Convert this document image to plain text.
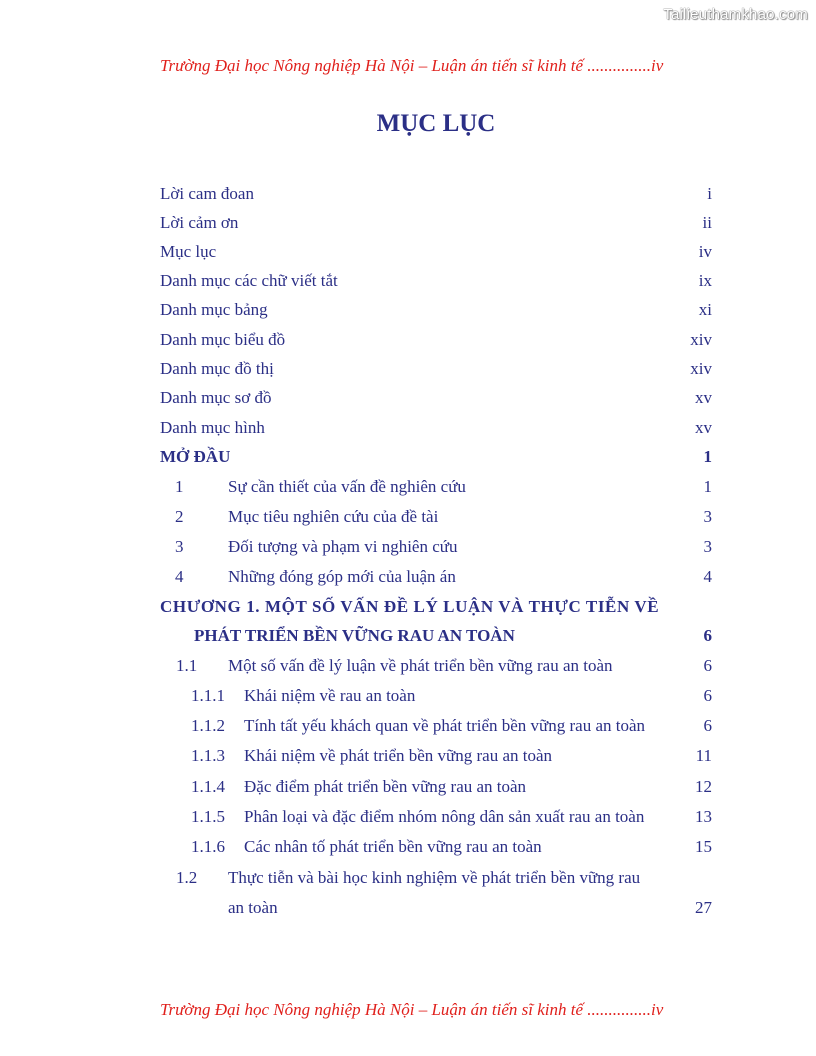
Tailieuthamkhao.com
Trường Đại học Nông nghiệp Hà Nội – Luận án tiến sĩ kinh tế ...............iv
MỤC LỤC
Lời cam đoan	i
Lời cảm ơn	ii
Mục lục	iv
Danh mục các chữ viết tắt	ix
Danh mục bảng	xi
Danh mục biểu đồ	xiv
Danh mục đồ thị	xiv
Danh mục sơ đồ	xv
Danh mục hình	xv
MỞ ĐẦU	1
1	Sự cần thiết của vấn đề nghiên cứu	1
2	Mục tiêu nghiên cứu của đề tài	3
3	Đối tượng và phạm vi nghiên cứu	3
4	Những đóng góp mới của luận án	4
CHƯƠNG 1. MỘT SỐ VẤN ĐỀ LÝ LUẬN VÀ THỰC TIỄN VỀ
PHÁT TRIỂN BỀN VỮNG RAU AN TOÀN	6
1.1 Một số vấn đề lý luận về phát triển bền vững rau an toàn	6
1.1.1 Khái niệm về rau an toàn	6
1.1.2 Tính tất yếu khách quan về phát triển bền vững rau an toàn	6
1.1.3 Khái niệm về phát triển bền vững rau an toàn	11
1.1.4 Đặc điểm phát triển bền vững rau an toàn	12
1.1.5 Phân loại và đặc điểm nhóm nông dân sản xuất rau an toàn	13
1.1.6 Các nhân tố phát triển bền vững rau an toàn	15
1.2 Thực tiễn và bài học kinh nghiệm về phát triển bền vững rau
an toàn	27
Trường Đại học Nông nghiệp Hà Nội – Luận án tiến sĩ kinh tế ...............iv
